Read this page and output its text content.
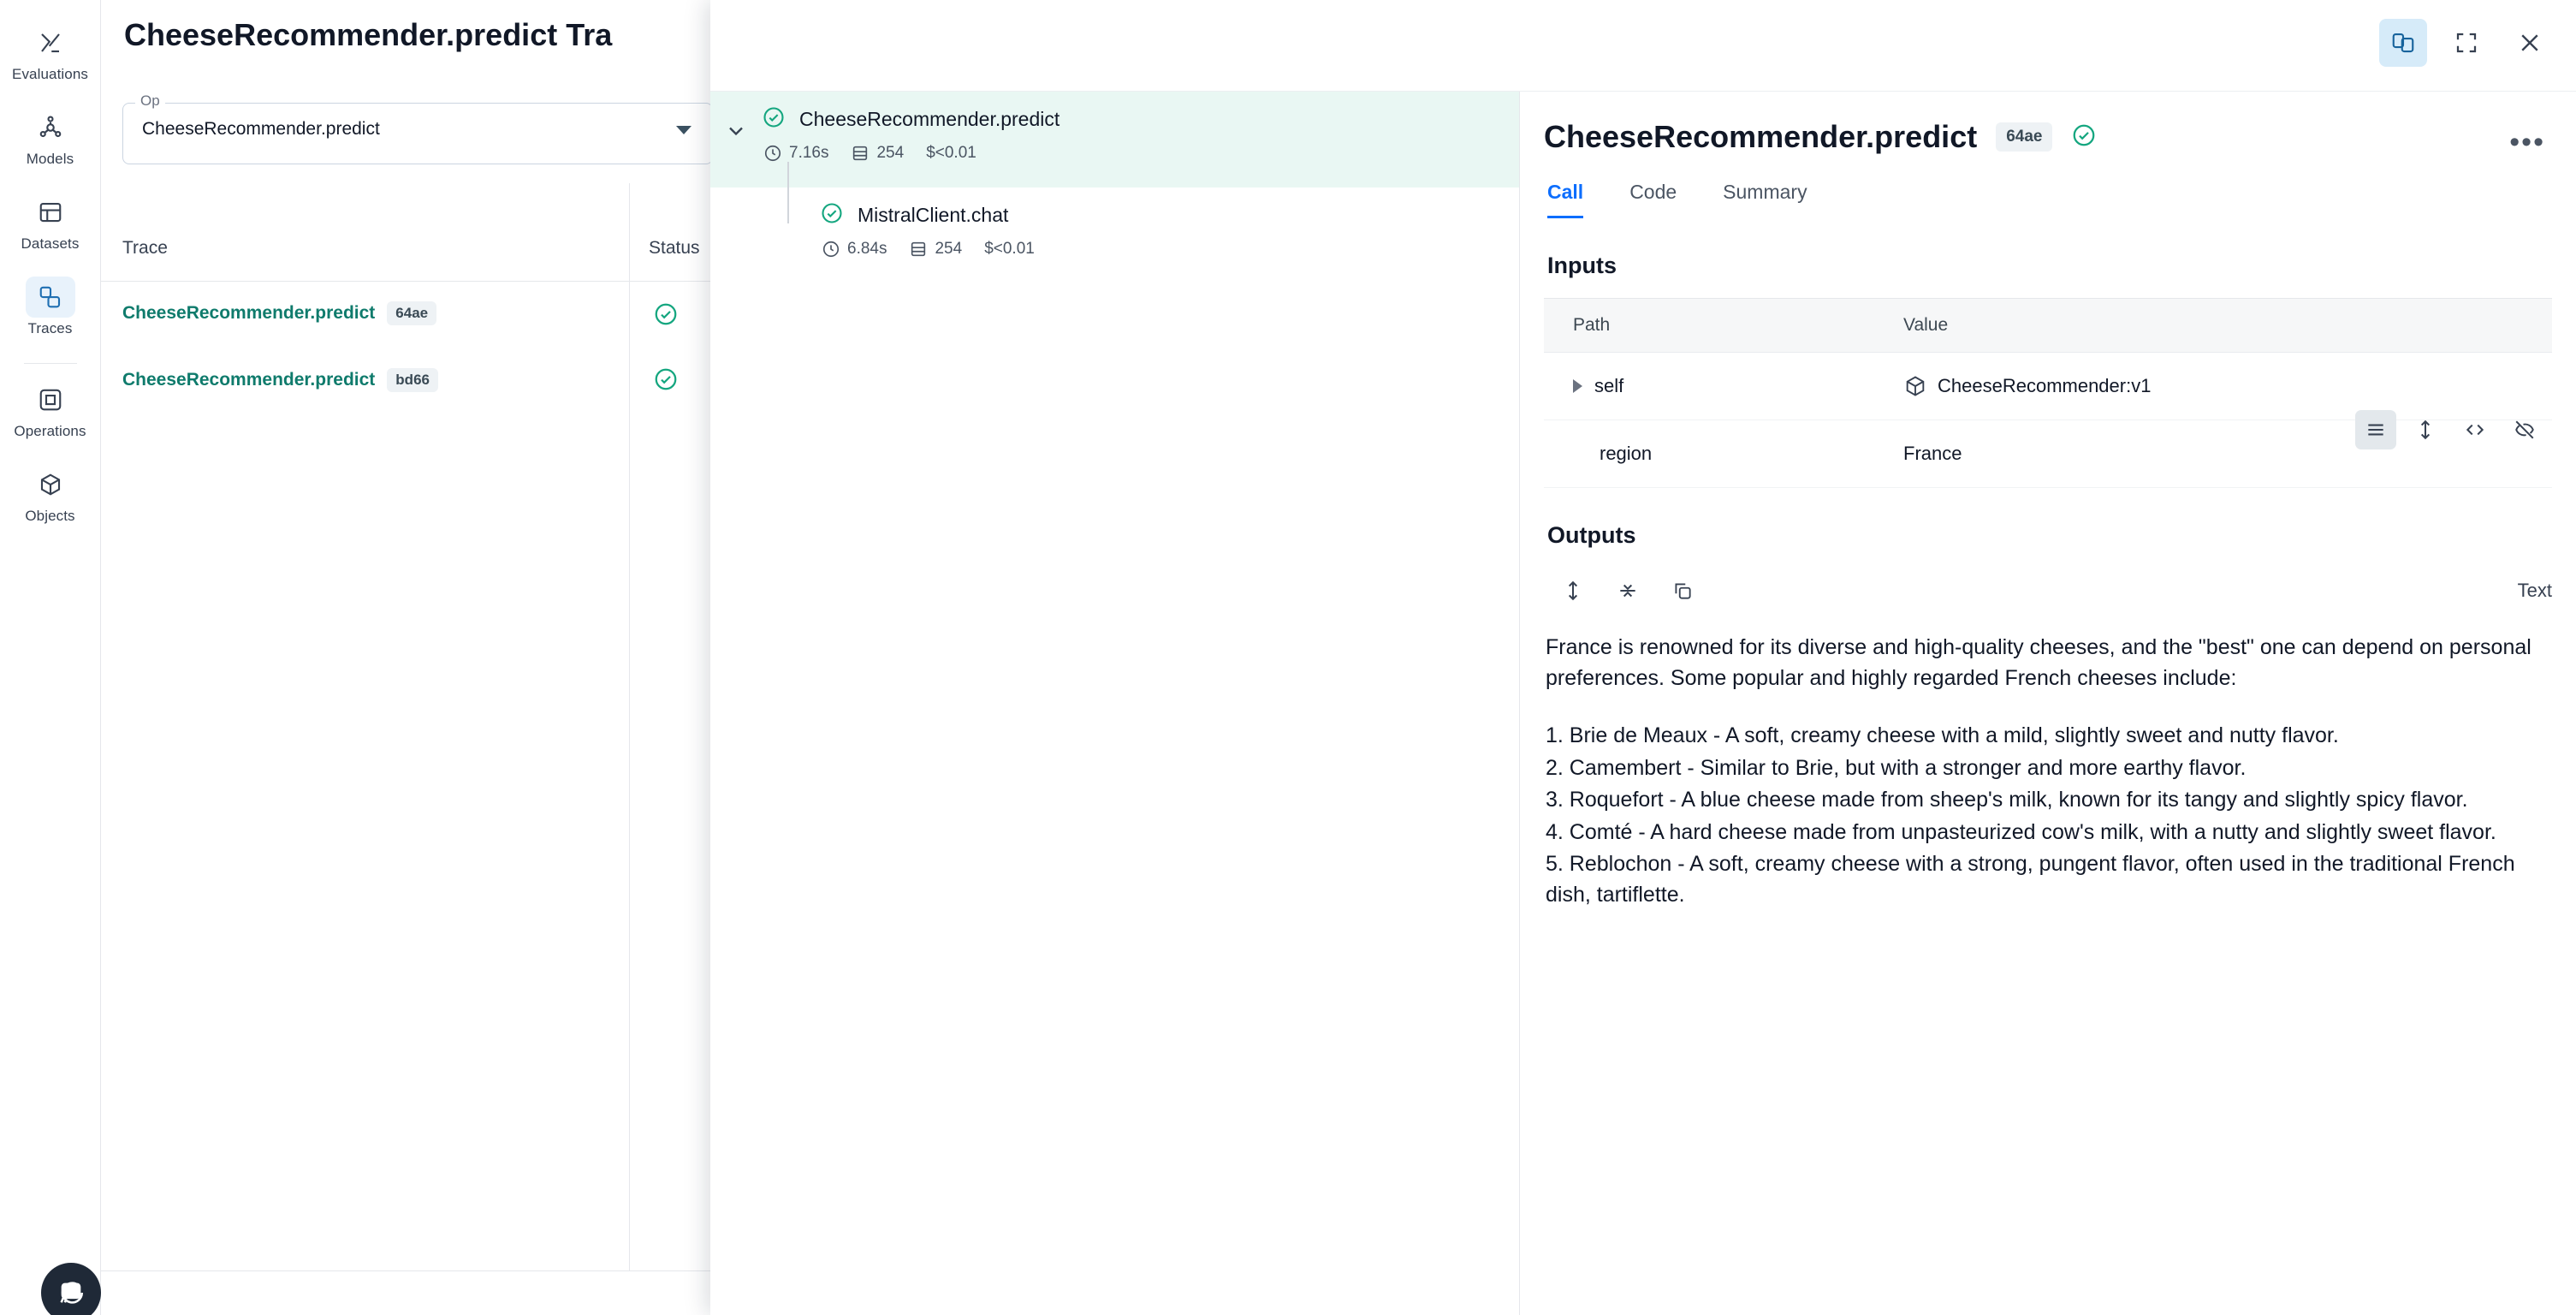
Evaluations
Models
Datasets
Traces
Operations
Objects
CheeseRecommender.predict Tra
CheeseRecommender.predict
Op
Trace	Status
CheeseRecommender.predict	64ae
CheeseRecommender.predict	bd66
CheeseRecommender.predict
7.16s	254 $<0.01
MistralClient.chat
6.84s	254 $<0.01
CheeseRecommender.predict	64ae	•••
Call Code Summary
Inputs
Path	Value
self	CheeseRecommender:v1
region	France
Outputs
Text

France is renowned for its diverse and high-quality cheeses, and the "best" one can depend on personal preferences. Some popular and highly regarded French cheeses include:

1. Brie de Meaux - A soft, creamy cheese with a mild, slightly sweet and nutty flavor.
2. Camembert - Similar to Brie, but with a stronger and more earthy flavor.
3. Roquefort - A blue cheese made from sheep's milk, known for its tangy and slightly spicy flavor.
4. Comté - A hard cheese made from unpasteurized cow's milk, with a nutty and slightly sweet flavor.
5. Reblochon - A soft, creamy cheese with a strong, pungent flavor, often used in the traditional French dish, tartiflette.
